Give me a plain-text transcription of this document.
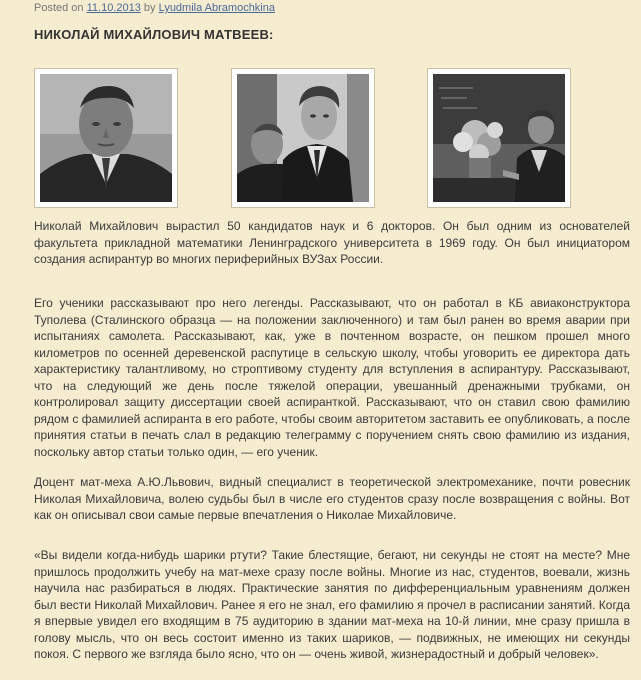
Posted on 11.10.2013 by Lyudmila Abramochkina
НИКОЛАЙ МИХАЙЛОВИЧ МАТВЕЕВ:

Николай Михайлович вырастил 50 кандидатов наук и 6 докторов. Он был одним из основателей факультета прикладной математики Ленинградского университета в 1969 году. Он был инициатором создания аспирантур во многих периферийных ВУЗах России.

Его ученики рассказывают про него легенды. Рассказывают, что он работал в КБ авиаконструктора Туполева (Сталинского образца — на положении заключенного) и там был ранен во время аварии при испытаниях самолета. Рассказывают, как, уже в почтенном возрасте, он пешком прошел много километров по осенней деревенской распутице в сельскую школу, чтобы уговорить ее директора дать характеристику талантливому, но строптивому студенту для вступления в аспирантуру. Рассказывают, что на следующий же день после тяжелой операции, увешанный дренажными трубками, он контролировал защиту диссертации своей аспиранткой. Рассказывают, что он ставил свою фамилию рядом с фамилией аспиранта в его работе, чтобы своим авторитетом заставить ее опубликовать, а после принятия статьи в печать слал в редакцию телеграмму с поручением снять свою фамилию из издания, поскольку автор статьи только один, — его ученик.

Доцент мат-меха А.Ю.Львович, видный специалист в теоретической электромеханике, почти ровесник Николая Михайловича, волею судьбы был в числе его студентов сразу после возвращения с войны. Вот как он описывал свои самые первые впечатления о Николае Михайловиче.

«Вы видели когда-нибудь шарики ртути? Такие блестящие, бегают, ни секунды не стоят на месте? Мне пришлось продолжить учебу на мат-мехе сразу после войны. Многие из нас, студентов, воевали, жизнь научила нас разбираться в людях. Практические занятия по дифференциальным уравнениям должен был вести Николай Михайлович. Ранее я его не знал, его фамилию я прочел в расписании занятий. Когда я впервые увидел его входящим в 75 аудиторию в здании мат-меха на 10-й линии, мне сразу пришла в голову мысль, что он весь состоит именно из таких шариков, — подвижных, не имеющих ни секунды покоя. С первого же взгляда было ясно, что он — очень живой, жизнерадостный и добрый человек».
